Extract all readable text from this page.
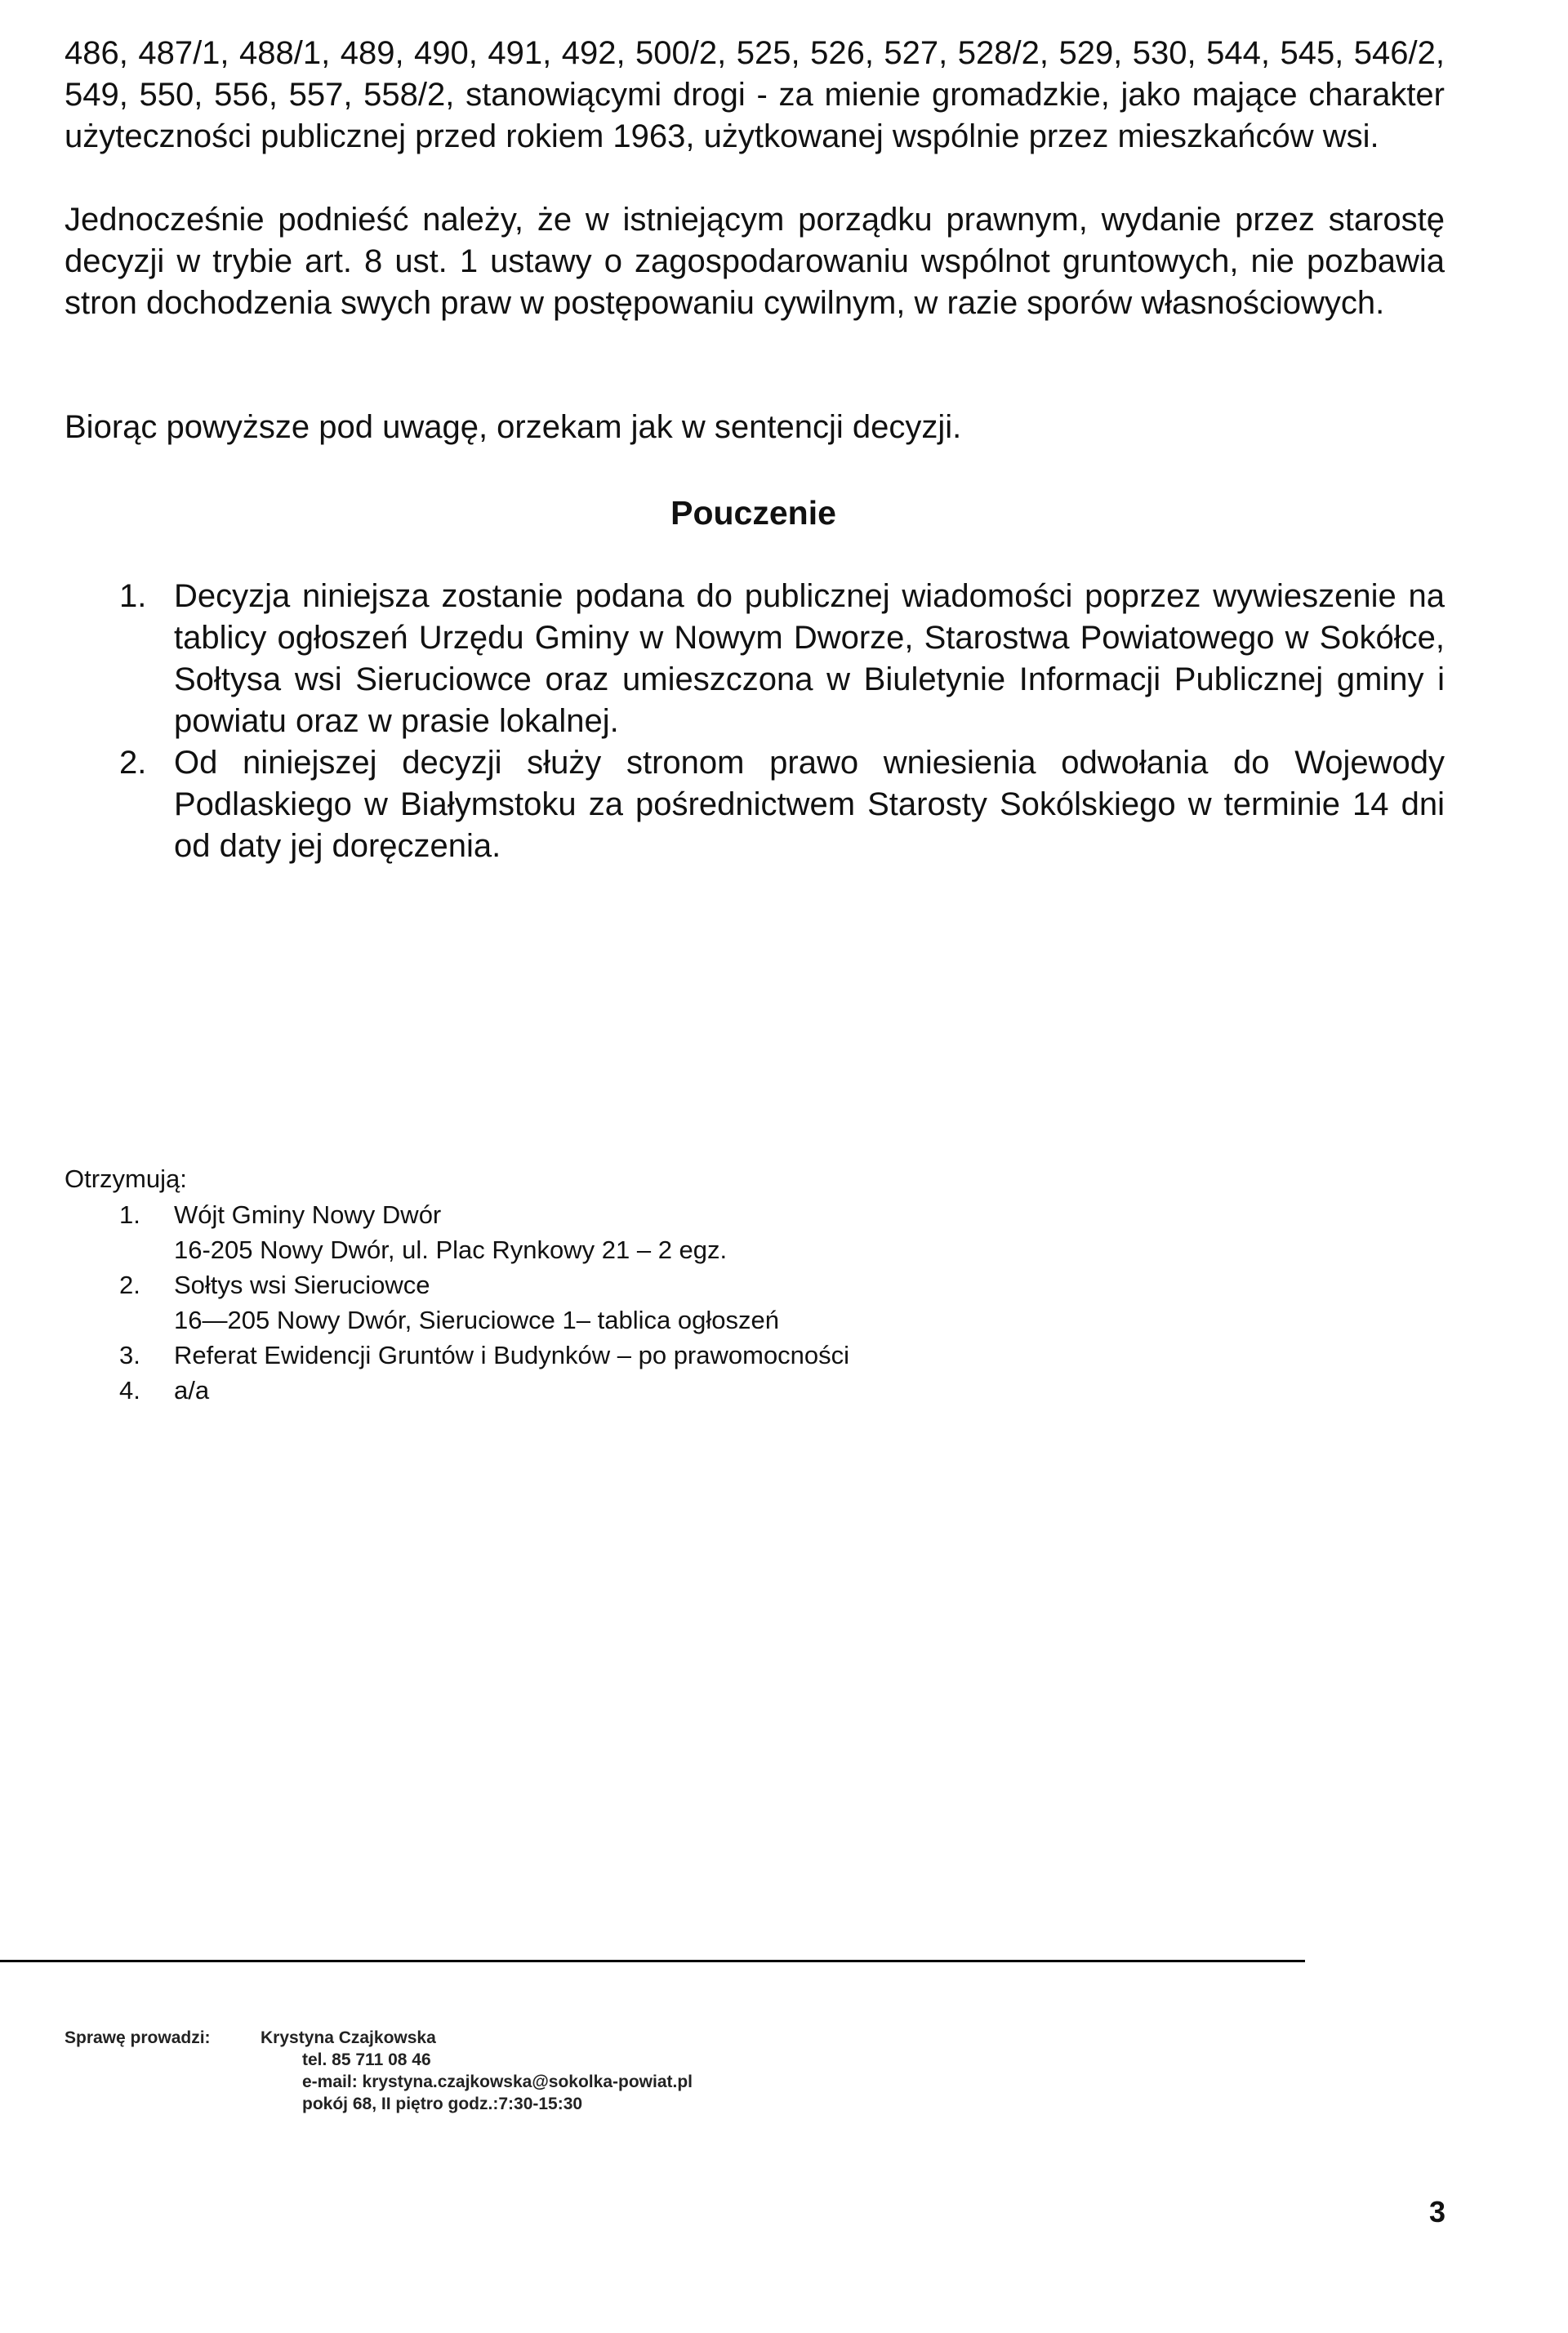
486, 487/1, 488/1, 489, 490, 491, 492, 500/2, 525, 526, 527, 528/2, 529, 530, 544, 545, 546/2, 549, 550, 556, 557, 558/2, stanowiącymi drogi - za mienie gromadzkie, jako mające charakter użyteczności publicznej przed rokiem 1963, użytkowanej wspólnie przez mieszkańców wsi.

Jednocześnie podnieść należy, że w istniejącym porządku prawnym, wydanie przez starostę decyzji w trybie art. 8 ust. 1 ustawy o zagospodarowaniu wspólnot gruntowych, nie pozbawia stron dochodzenia swych praw w postępowaniu cywilnym, w razie sporów własnościowych.

Biorąc powyższe pod uwagę, orzekam jak w sentencji decyzji.

Pouczenie
1. Decyzja niniejsza zostanie podana do publicznej wiadomości poprzez wywieszenie na tablicy ogłoszeń Urzędu Gminy w Nowym Dworze, Starostwa Powiatowego w Sokółce, Sołtysa wsi Sieruciowce oraz umieszczona w Biuletynie Informacji Publicznej gminy i powiatu oraz w prasie lokalnej.
2. Od niniejszej decyzji służy stronom prawo wniesienia odwołania do Wojewody Podlaskiego w Białymstoku za pośrednictwem Starosty Sokólskiego w terminie 14 dni od daty jej doręczenia.

Otrzymują:

1. Wójt Gminy Nowy Dwór
16-205 Nowy Dwór, ul. Plac Rynkowy 21 – 2 egz.
2. Sołtys wsi Sieruciowce
16—205 Nowy Dwór, Sieruciowce 1– tablica ogłoszeń
3. Referat Ewidencji Gruntów i Budynków – po prawomocności
4. a/a
Sprawę prowadzi:	Krystyna Czajkowska
tel. 85 711 08 46
e-mail: krystyna.czajkowska@sokolka-powiat.pl
pokój 68, II piętro godz.:7:30-15:30
3
